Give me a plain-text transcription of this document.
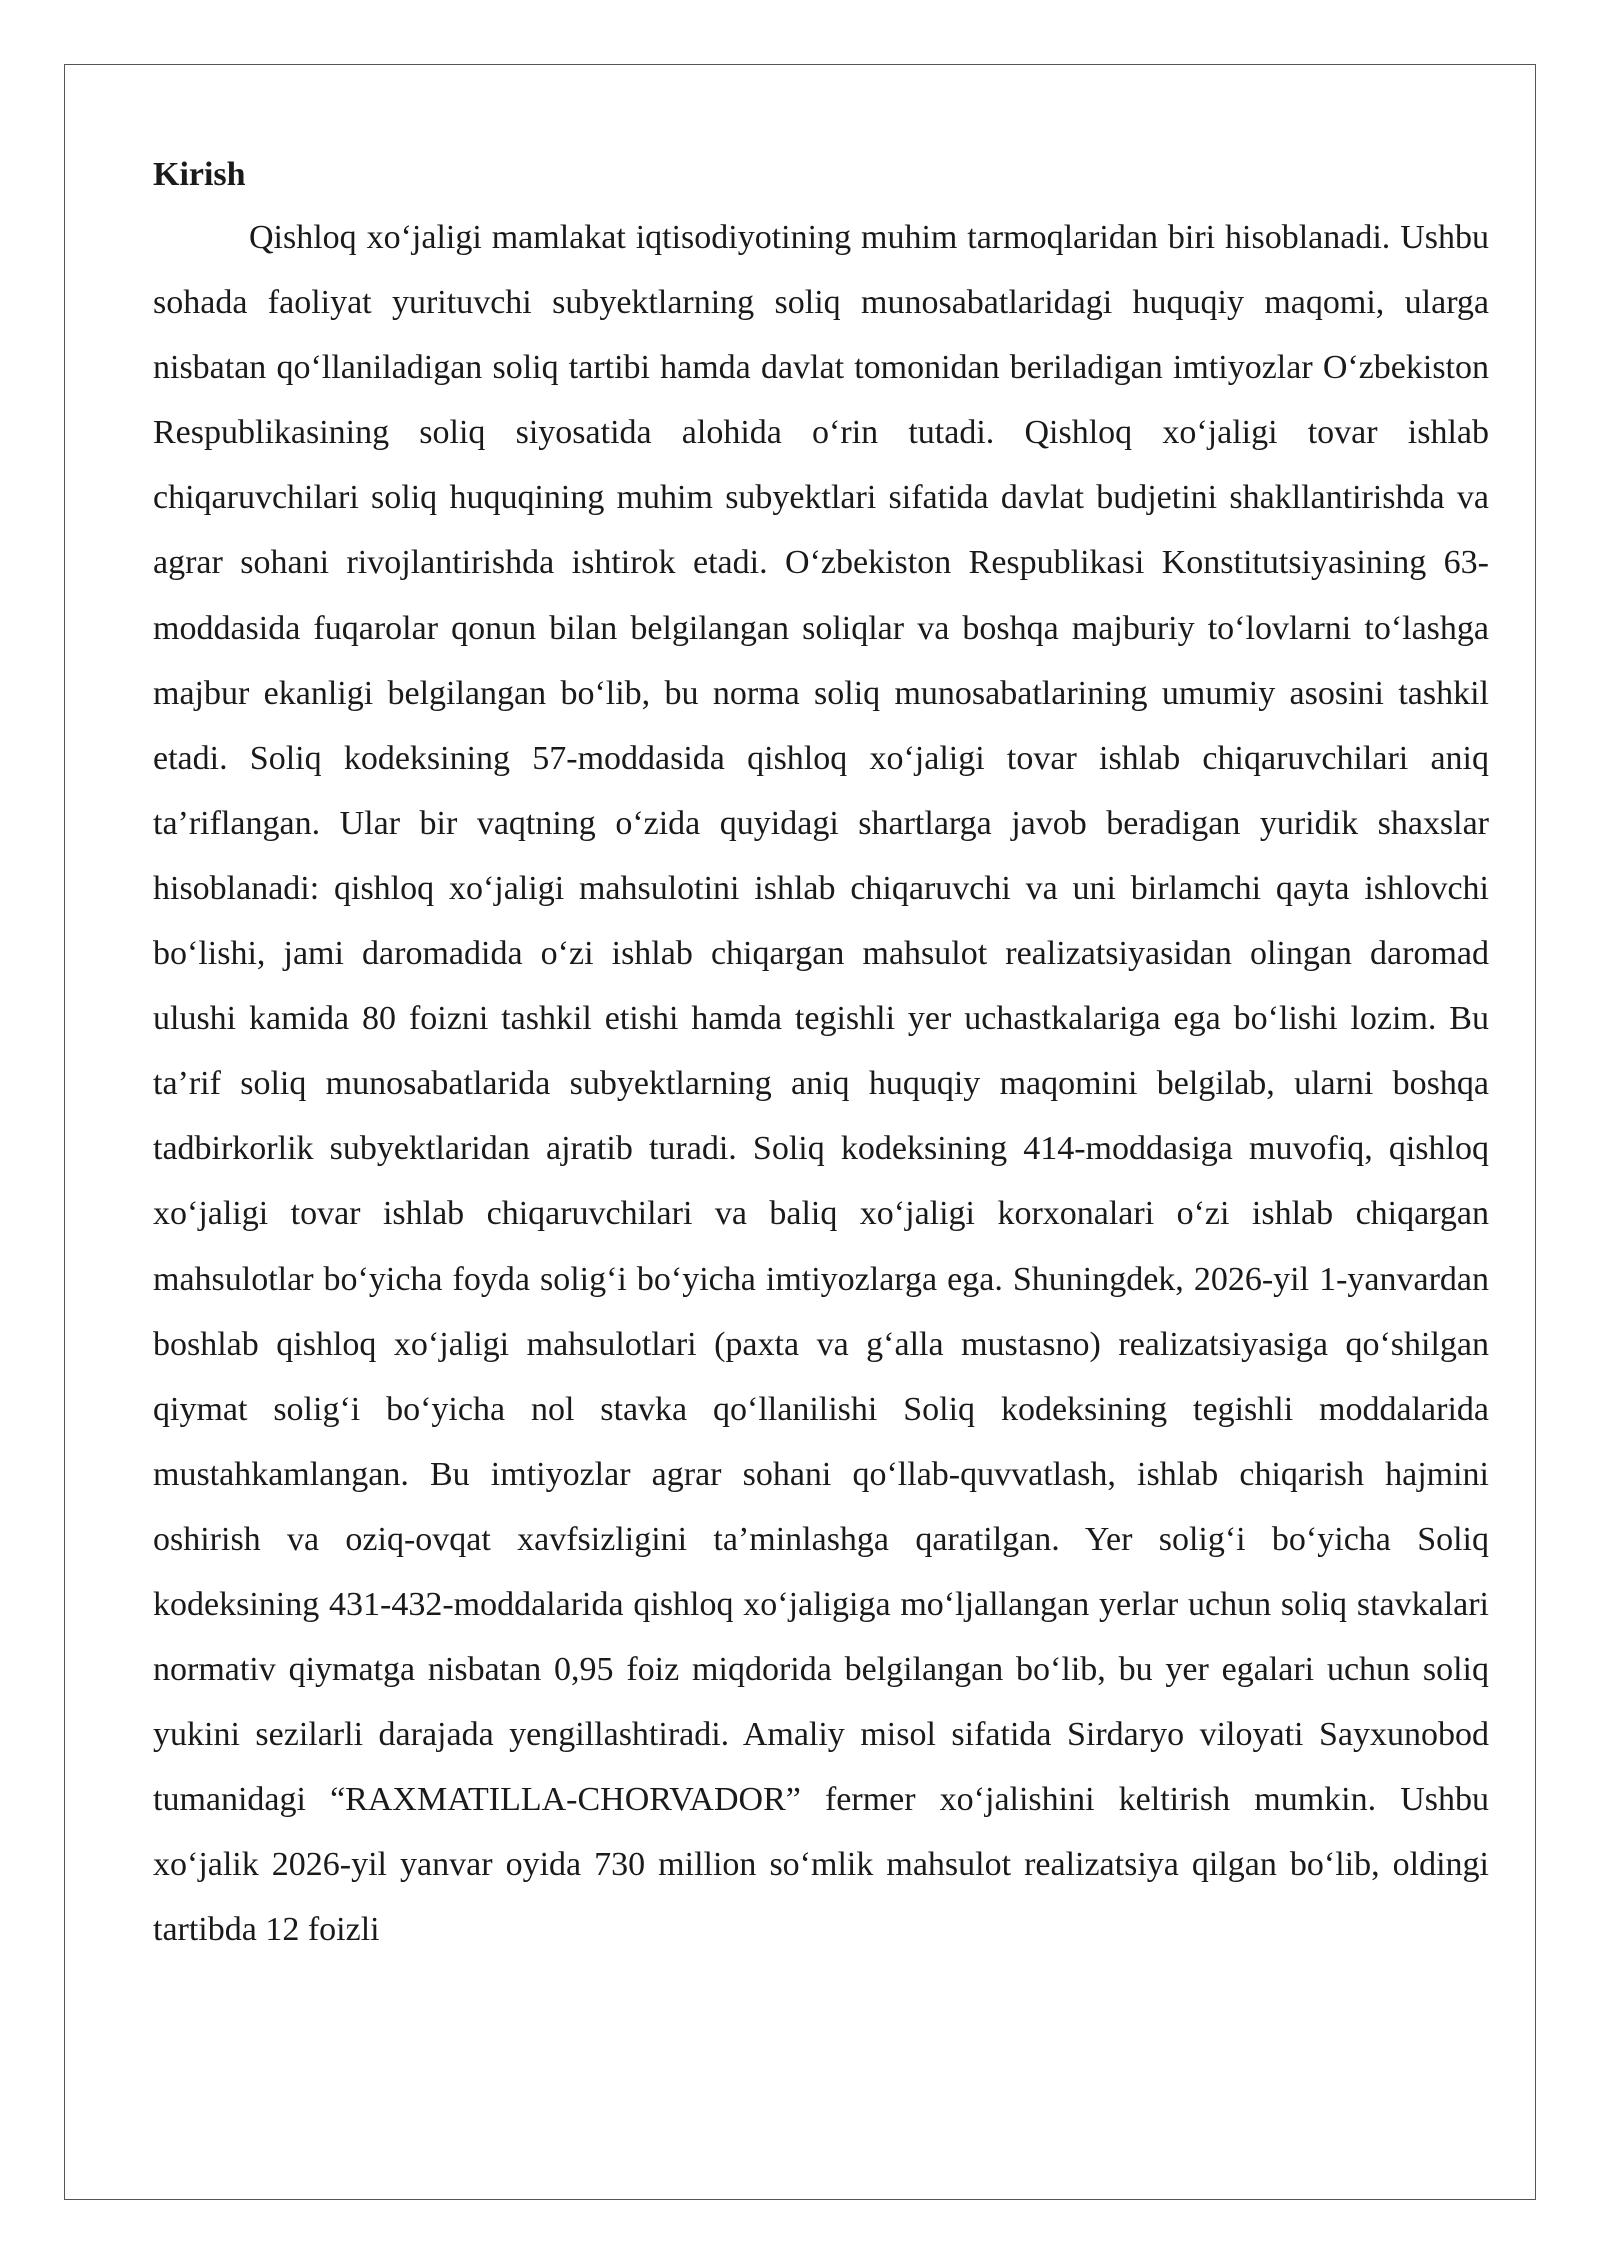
Kirish

Qishloq xo‘jaligi mamlakat iqtisodiyotining muhim tarmoqlaridan biri hisoblanadi. Ushbu sohada faoliyat yurituvchi subyektlarning soliq munosabatlaridagi huquqiy maqomi, ularga nisbatan qo‘llaniladigan soliq tartibi hamda davlat tomonidan beriladigan imtiyozlar O‘zbekiston Respublikasining soliq siyosatida alohida o‘rin tutadi. Qishloq xo‘jaligi tovar ishlab chiqaruvchilari soliq huquqining muhim subyektlari sifatida davlat budjetini shakllantirishda va agrar sohani rivojlantirishda ishtirok etadi. O‘zbekiston Respublikasi Konstitutsiyasining 63-moddasida fuqarolar qonun bilan belgilangan soliqlar va boshqa majburiy to‘lovlarni to‘lashga majbur ekanligi belgilangan bo‘lib, bu norma soliq munosabatlarining umumiy asosini tashkil etadi. Soliq kodeksining 57-moddasida qishloq xo‘jaligi tovar ishlab chiqaruvchilari aniq ta’riflangan. Ular bir vaqtning o‘zida quyidagi shartlarga javob beradigan yuridik shaxslar hisoblanadi: qishloq xo‘jaligi mahsulotini ishlab chiqaruvchi va uni birlamchi qayta ishlovchi bo‘lishi, jami daromadida o‘zi ishlab chiqargan mahsulot realizatsiyasidan olingan daromad ulushi kamida 80 foizni tashkil etishi hamda tegishli yer uchastkalariga ega bo‘lishi lozim. Bu ta’rif soliq munosabatlarida subyektlarning aniq huquqiy maqomini belgilab, ularni boshqa tadbirkorlik subyektlaridan ajratib turadi. Soliq kodeksining 414-moddasiga muvofiq, qishloq xo‘jaligi tovar ishlab chiqaruvchilari va baliq xo‘jaligi korxonalari o‘zi ishlab chiqargan mahsulotlar bo‘yicha foyda solig‘i bo‘yicha imtiyozlarga ega. Shuningdek, 2026-yil 1-yanvardan boshlab qishloq xo‘jaligi mahsulotlari (paxta va g‘alla mustasno) realizatsiyasiga qo‘shilgan qiymat solig‘i bo‘yicha nol stavka qo‘llanilishi Soliq kodeksining tegishli moddalarida mustahkamlangan. Bu imtiyozlar agrar sohani qo‘llab-quvvatlash, ishlab chiqarish hajmini oshirish va oziq-ovqat xavfsizligini ta’minlashga qaratilgan. Yer solig‘i bo‘yicha Soliq kodeksining 431-432-moddalarida qishloq xo‘jaligiga mo‘ljallangan yerlar uchun soliq stavkalari normativ qiymatga nisbatan 0,95 foiz miqdorida belgilangan bo‘lib, bu yer egalari uchun soliq yukini sezilarli darajada yengillashtiradi. Amaliy misol sifatida Sirdaryo viloyati Sayxunobod tumanidagi “RAXMATILLA-CHORVADOR” fermer xo‘jalishini keltirish mumkin. Ushbu xo‘jalik 2026-yil yanvar oyida 730 million so‘mlik mahsulot realizatsiya qilgan bo‘lib, oldingi tartibda 12 foizli
